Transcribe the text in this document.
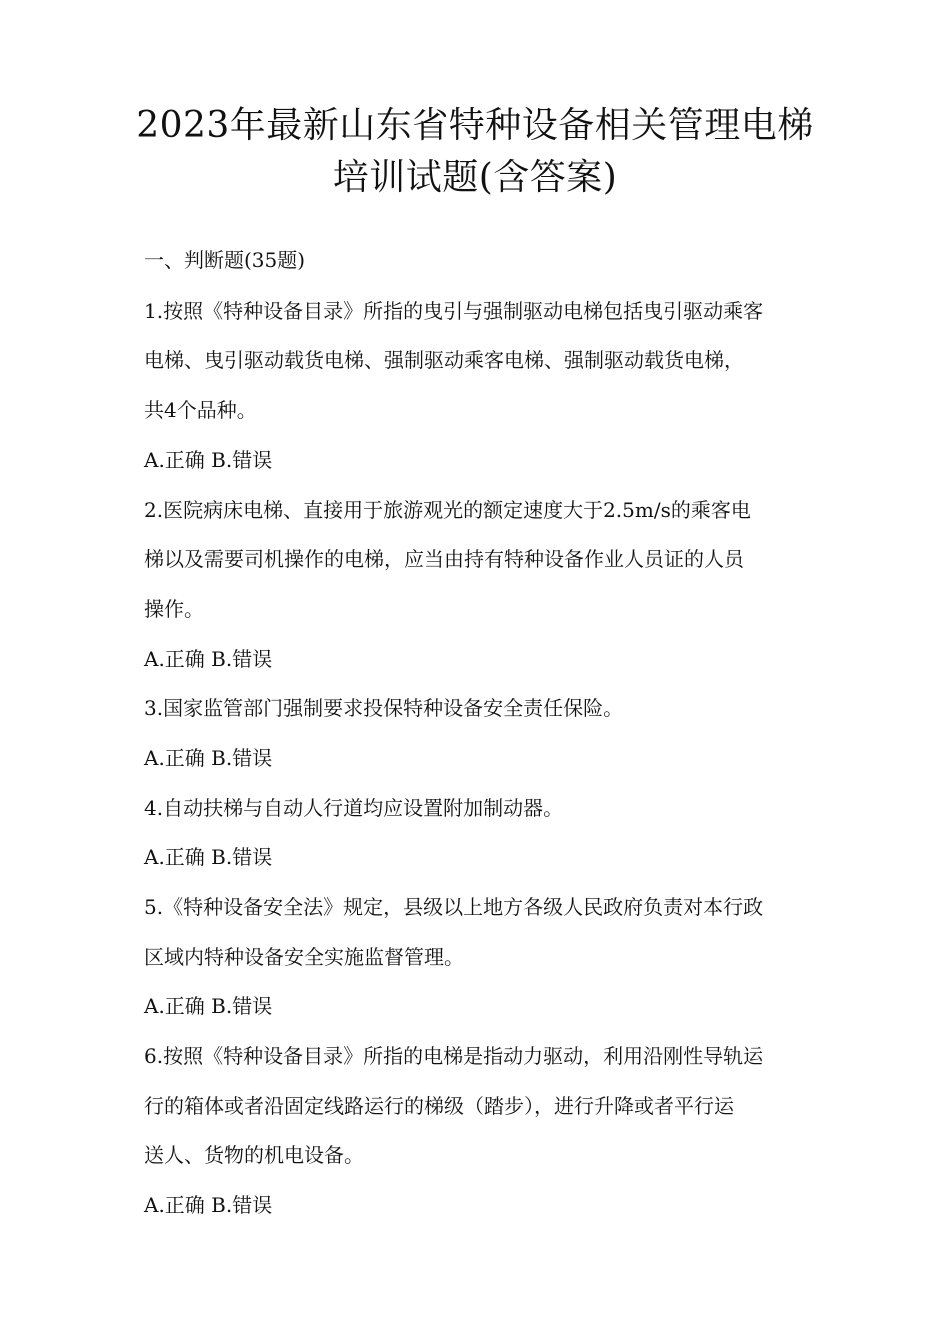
2023年最新山东省特种设备相关管理电梯
培训试题(含答案)
一、判断题(35题)
1.按照《特种设备目录》所指的曳引与强制驱动电梯包括曳引驱动乘客
电梯、曳引驱动载货电梯、强制驱动乘客电梯、强制驱动载货电梯，
共4个品种。
A.正确 B.错误
2.医院病床电梯、直接用于旅游观光的额定速度大于2.5m/s的乘客电
梯以及需要司机操作的电梯，应当由持有特种设备作业人员证的人员
操作。
A.正确 B.错误
3.国家监管部门强制要求投保特种设备安全责任保险。
A.正确 B.错误
4.自动扶梯与自动人行道均应设置附加制动器。
A.正确 B.错误
5.《特种设备安全法》规定，县级以上地方各级人民政府负责对本行政
区域内特种设备安全实施监督管理。
A.正确 B.错误
6.按照《特种设备目录》所指的电梯是指动力驱动，利用沿刚性导轨运
行的箱体或者沿固定线路运行的梯级（踏步），进行升降或者平行运
送人、货物的机电设备。
A.正确 B.错误
